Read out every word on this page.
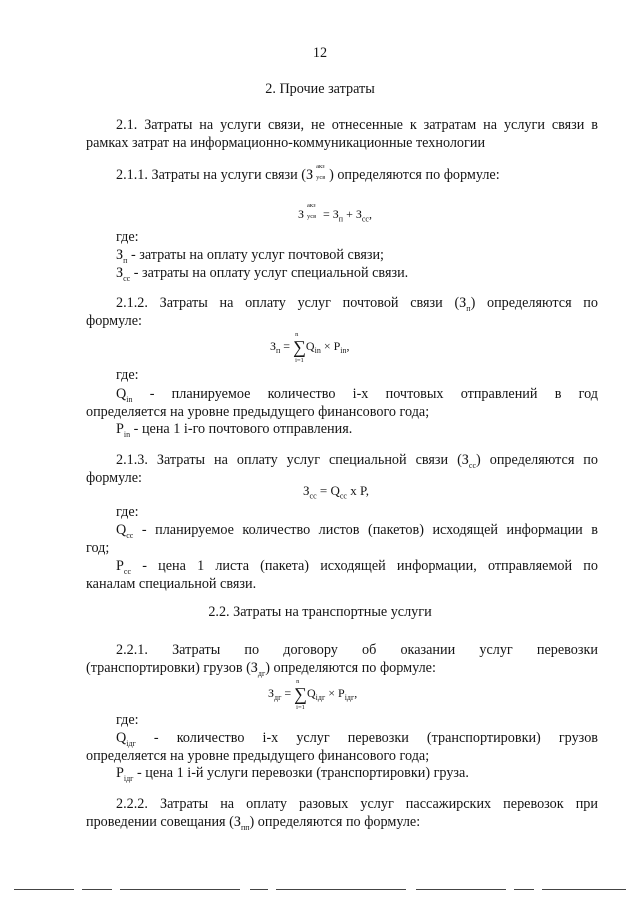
12
2. Прочие затраты
2.1. Затраты на услуги связи, не отнесенные к затратам на услуги связи в
рамках затрат на информационно-коммуникационные технологии
2.1.1. Затраты на услуги связи (З
акз
усв ) определяются по формуле:
З
акз
усв = $З_п + З_{сс}$,
где:
$З_п$ - затраты на оплату услуг почтовой связи;
$З_{сс}$ - затраты на оплату услуг специальной связи.
2.1.2. Затраты на оплату услуг почтовой связи $(З_п)$ определяются по
формуле:
$З_п$ = ∑
n
i=1
$Q_{in} \times P_{in}$,
где:
$Q_{in}$ - планируемое количество i-х почтовых отправлений в год
определяется на уровне предыдущего финансового года;
$P_{in}$ - цена 1 i-го почтового отправления.
2.1.3. Затраты на оплату услуг специальной связи $(З_{сс})$ определяются по
формуле:
$З_{сс} = Q_{сс}$ x P,
где:
$Q_{сс}$ - планируемое количество листов (пакетов) исходящей информации в
год;
$P_{сс}$ - цена 1 листа (пакета) исходящей информации, отправляемой по
каналам специальной связи.
2.2. Затраты на транспортные услуги
2.2.1. Затраты по договору об оказании услуг перевозки
(транспортировки) грузов $(З_{дг})$ определяются по формуле:
$З_{дг}$ = ∑
n
i=1
$Q_{iдг} \times P_{iдг}$,
где:
$Q_{iдг}$ - количество i-х услуг перевозки (транспортировки) грузов
определяется на уровне предыдущего финансового года;
$P_{iдг}$ - цена 1 i-й услуги перевозки (транспортировки) груза.
2.2.2. Затраты на оплату разовых услуг пассажирских перевозок при
проведении совещания $(З_{пп})$ определяются по формуле:
